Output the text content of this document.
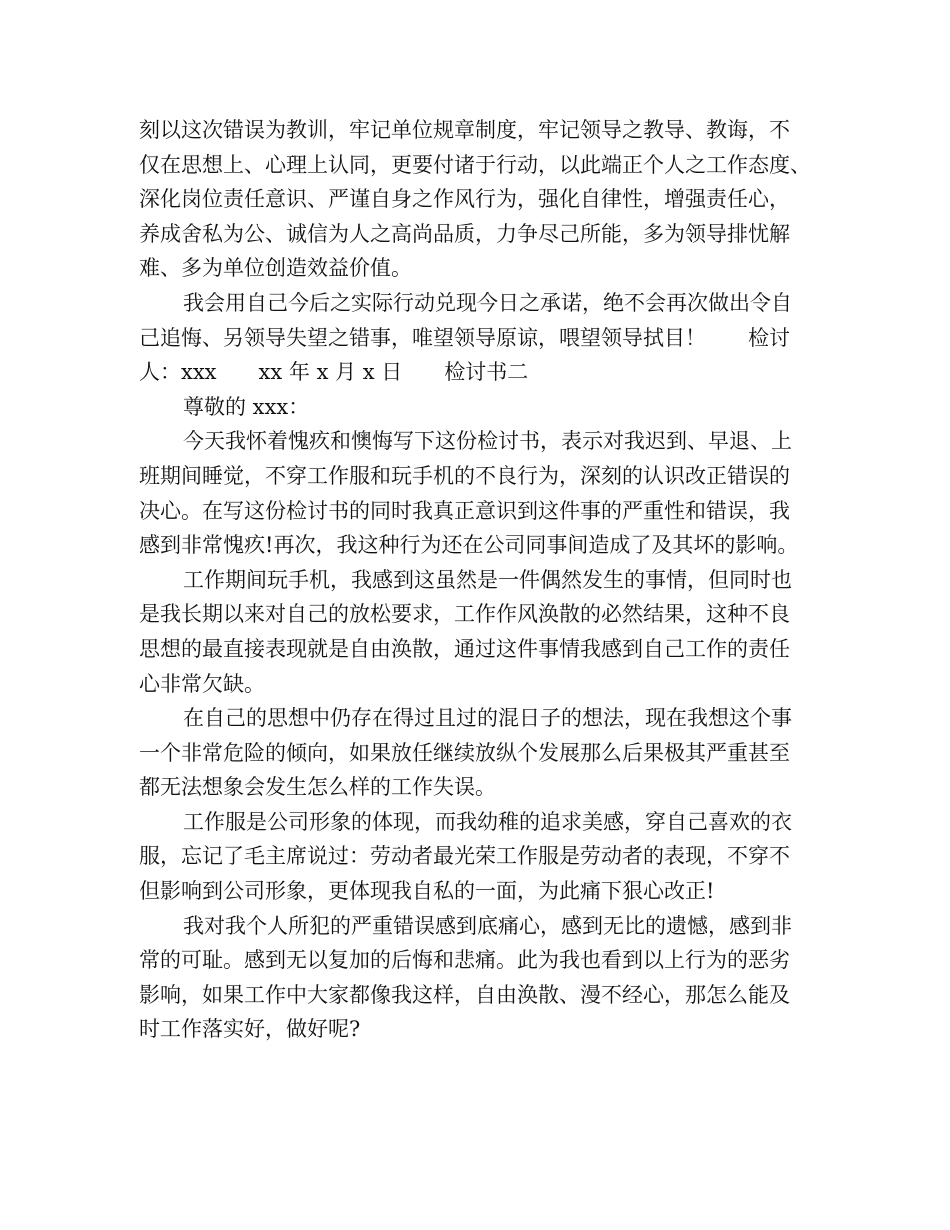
刻以这次错误为教训，牢记单位规章制度，牢记领导之教导、教诲，不
仅在思想上、心理上认同，更要付诸于行动，以此端正个人之工作态度、
深化岗位责任意识、严谨自身之作风行为，强化自律性，增强责任心，
养成舍私为公、诚信为人之高尚品质，力争尽己所能，多为领导排忧解
难、多为单位创造效益价值。
我会用自己今后之实际行动兑现今日之承诺，绝不会再次做出令自
己追悔、另领导失望之错事，唯望领导原谅，喂望领导拭目！　　检讨
人：xxx　　xx 年 x 月 x 日　　检讨书二
尊敬的 xxx：
今天我怀着愧疚和懊悔写下这份检讨书，表示对我迟到、早退、上
班期间睡觉，不穿工作服和玩手机的不良行为，深刻的认识改正错误的
决心。在写这份检讨书的同时我真正意识到这件事的严重性和错误，我
感到非常愧疚!再次，我这种行为还在公司同事间造成了及其坏的影响。
工作期间玩手机，我感到这虽然是一件偶然发生的事情，但同时也
是我长期以来对自己的放松要求，工作作风涣散的必然结果，这种不良
思想的最直接表现就是自由涣散，通过这件事情我感到自己工作的责任
心非常欠缺。
在自己的思想中仍存在得过且过的混日子的想法，现在我想这个事
一个非常危险的倾向，如果放任继续放纵个发展那么后果极其严重甚至
都无法想象会发生怎么样的工作失误。
工作服是公司形象的体现，而我幼稚的追求美感，穿自己喜欢的衣
服，忘记了毛主席说过：劳动者最光荣工作服是劳动者的表现，不穿不
但影响到公司形象，更体现我自私的一面，为此痛下狠心改正!
我对我个人所犯的严重错误感到底痛心，感到无比的遗憾，感到非
常的可耻。感到无以复加的后悔和悲痛。此为我也看到以上行为的恶劣
影响，如果工作中大家都像我这样，自由涣散、漫不经心，那怎么能及
时工作落实好，做好呢?
